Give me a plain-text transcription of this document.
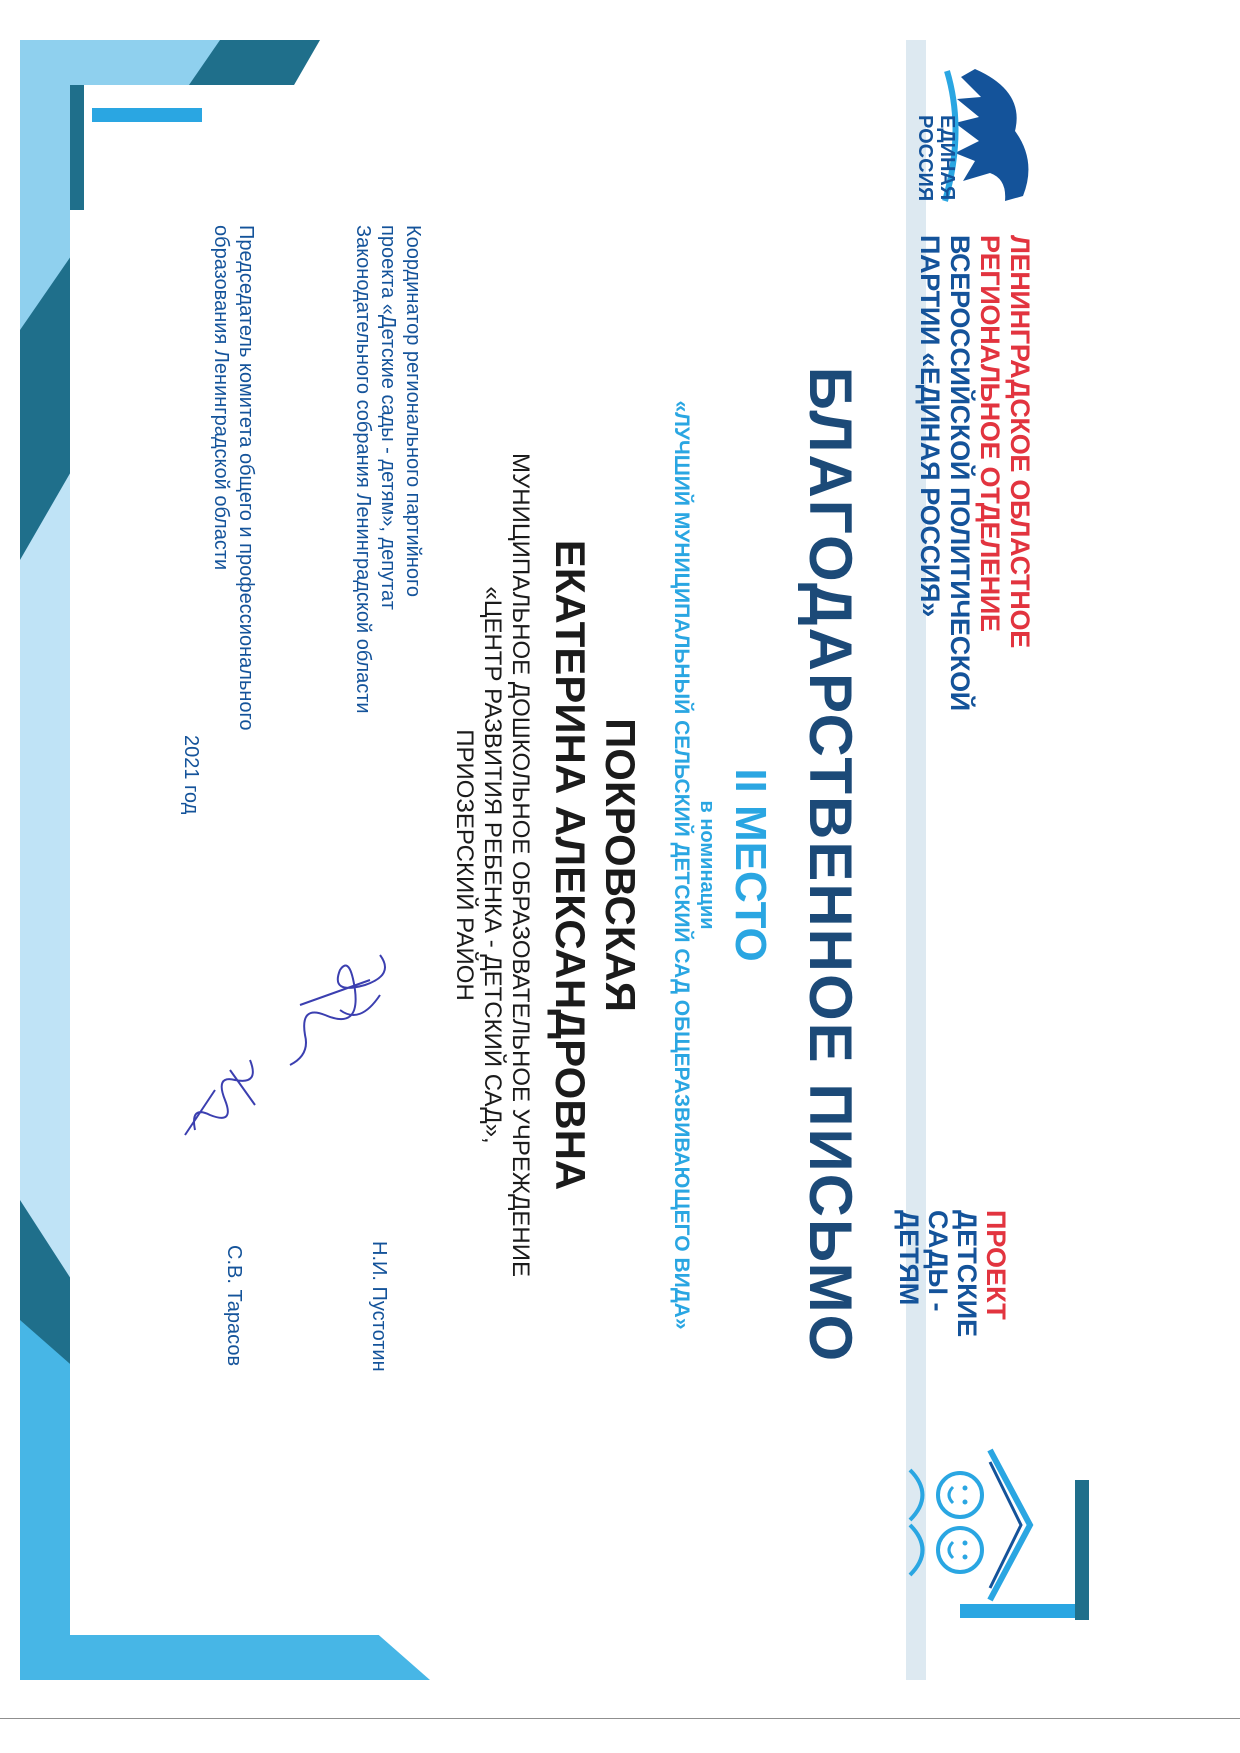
ЕДИНАЯ
РОССИЯ
ЛЕНИНГРАДСКОЕ ОБЛАСТНОЕ
РЕГИОНАЛЬНОЕ ОТДЕЛЕНИЕ
ВСЕРОССИЙСКОЙ ПОЛИТИЧЕСКОЙ
ПАРТИИ «ЕДИНАЯ РОССИЯ»
ПРОЕКТ
ДЕТСКИЕ
САДЫ -
ДЕТЯМ
БЛАГОДАРСТВЕННОЕ ПИСЬМО
II МЕСТО
в номинации
«ЛУЧШИЙ МУНИЦИПАЛЬНЫЙ СЕЛЬСКИЙ ДЕТСКИЙ САД ОБЩЕРАЗВИВАЮЩЕГО ВИДА»
ПОКРОВСКАЯ
ЕКАТЕРИНА АЛЕКСАНДРОВНА
МУНИЦИПАЛЬНОЕ ДОШКОЛЬНОЕ ОБРАЗОВАТЕЛЬНОЕ УЧРЕЖДЕНИЕ
«ЦЕНТР РАЗВИТИЯ РЕБЕНКА - ДЕТСКИЙ САД»,
ПРИОЗЕРСКИЙ РАЙОН
Координатор регионального партийного
проекта «Детские сады - детям», депутат
Законодательного собрания Ленинградской области
Н.И. Пустотин
Председатель комитета общего и профессионального
образования Ленинградской области
С.В. Тарасов
2021 год
